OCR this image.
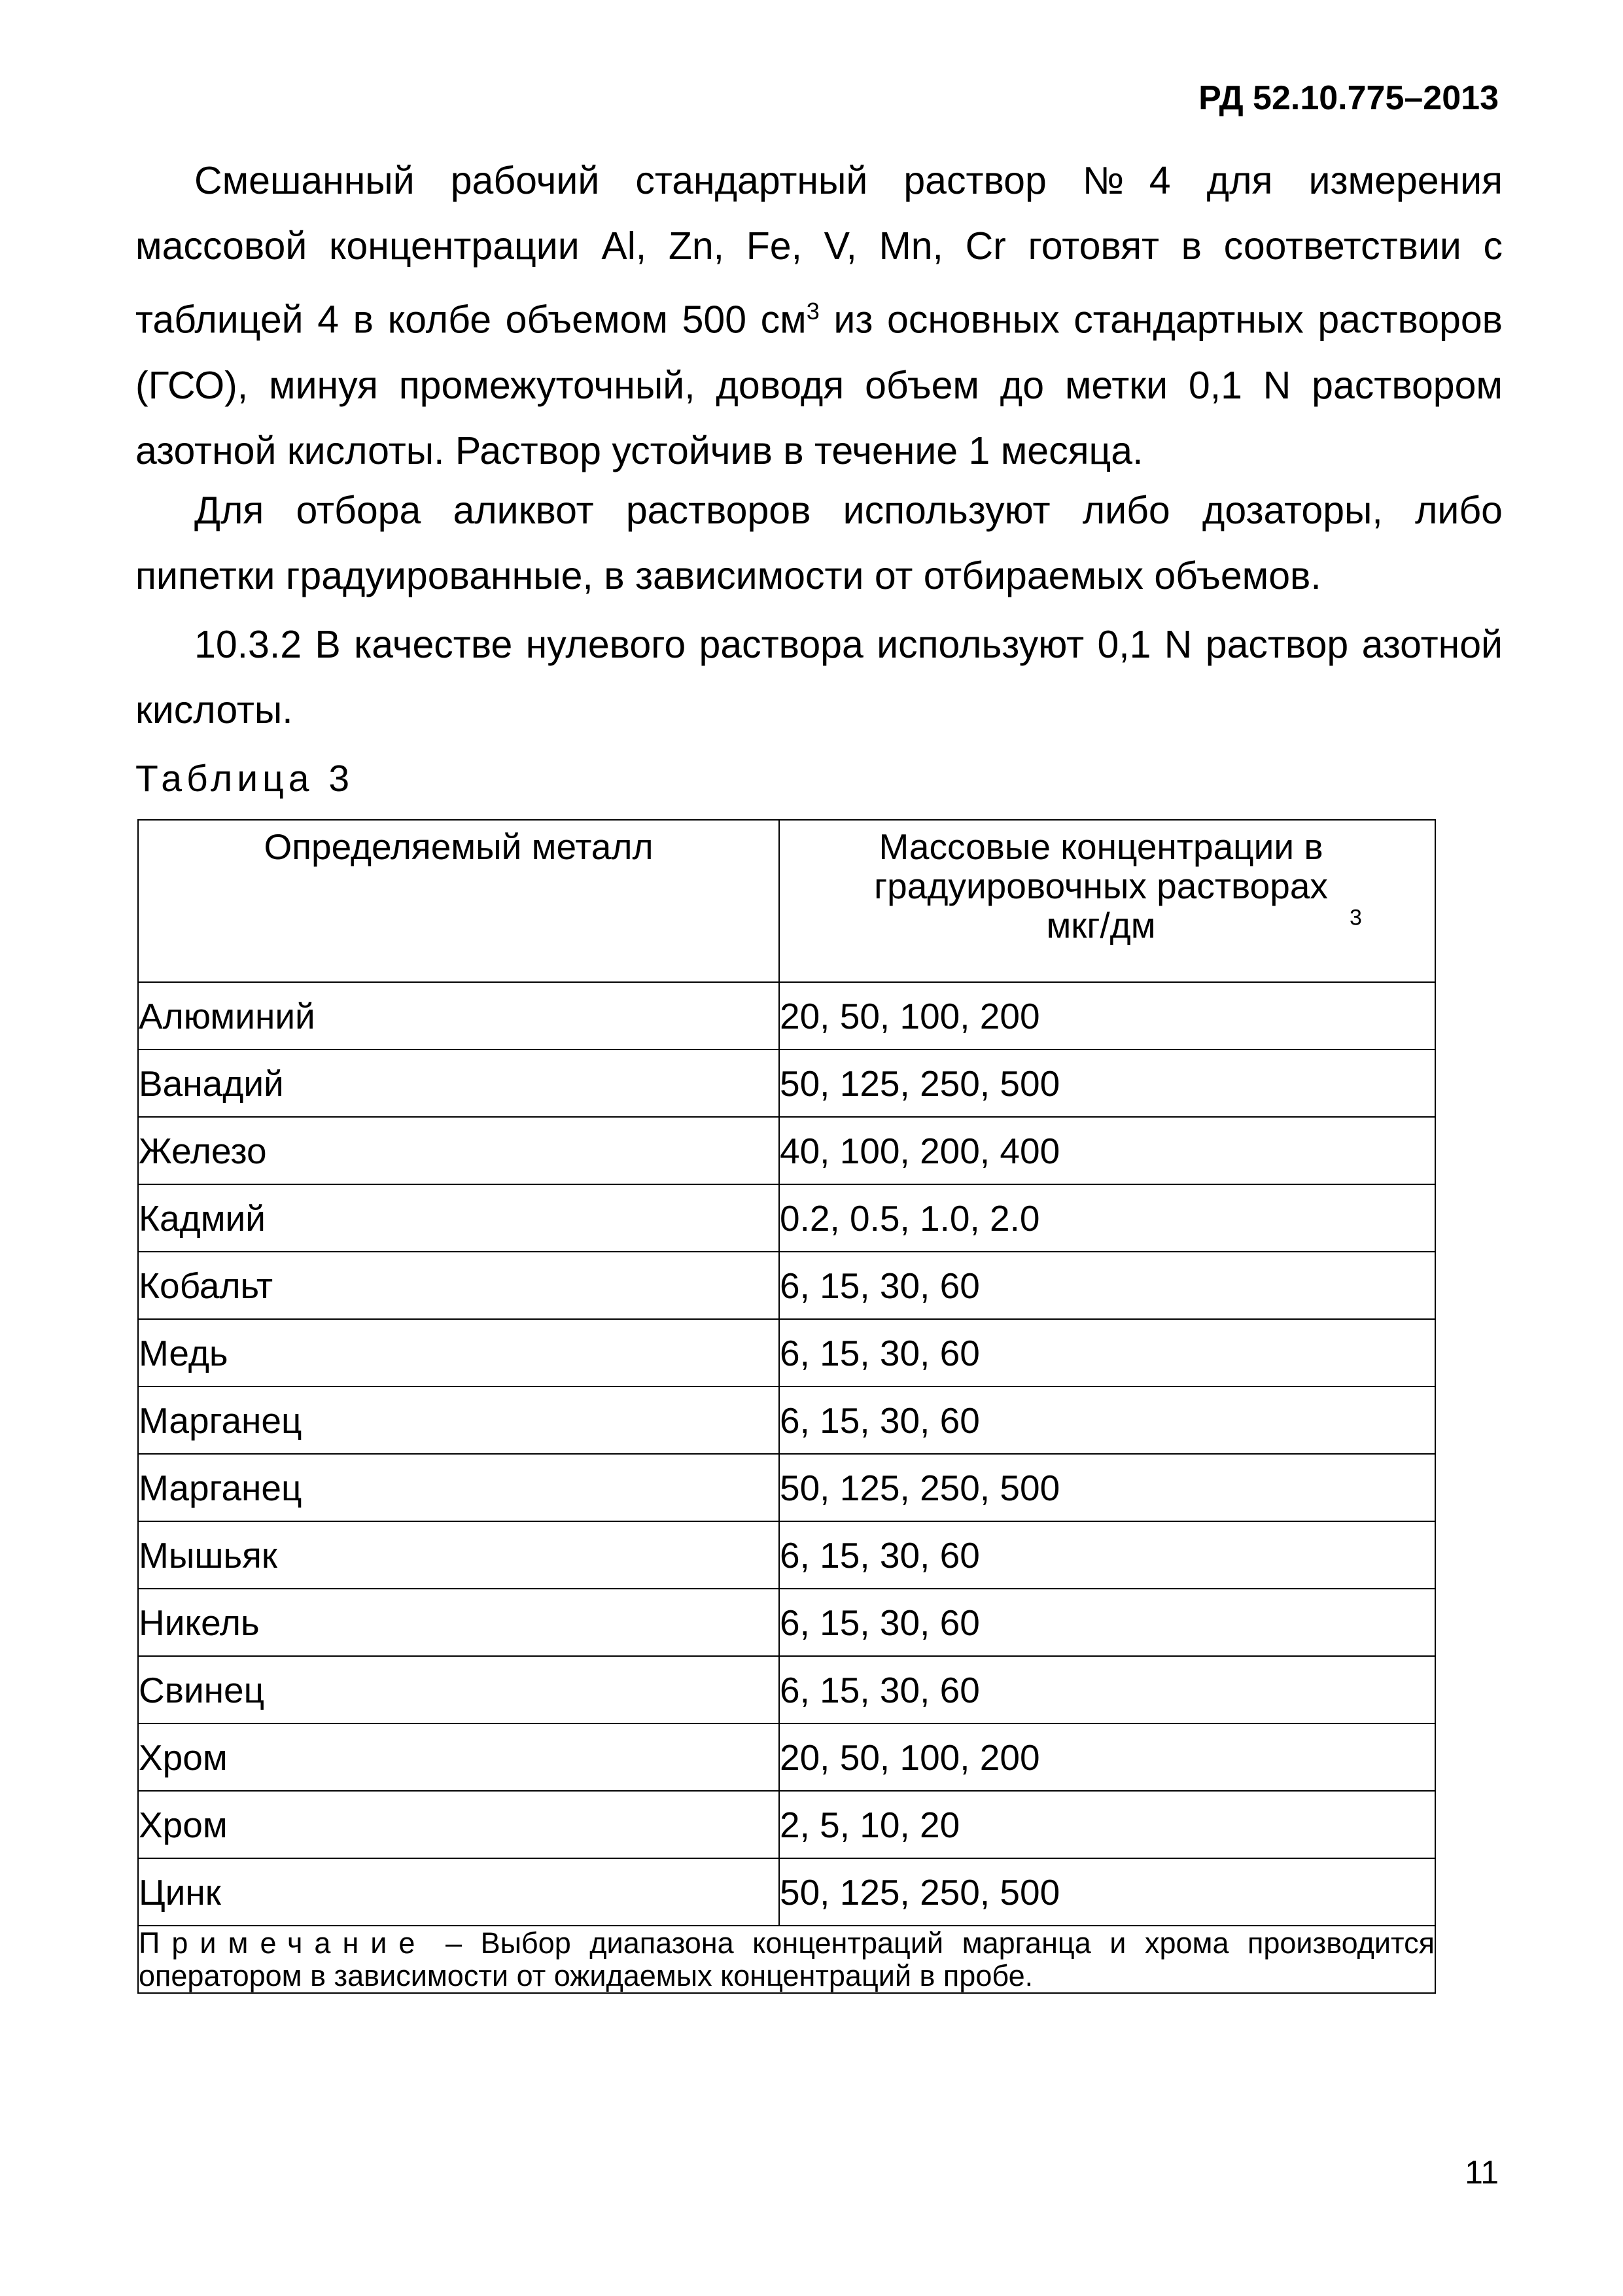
РД 52.10.775–2013
Смешанный рабочий стандартный раствор №4 для измерения массовой концентрации Al, Zn, Fe, V, Mn, Cr готовят в соответствии с таблицей 4 в колбе объемом 500 $см^3$ из основных стандартных растворов (ГСО), минуя промежуточный, доводя объем до метки 0,1 N раствором азотной кислоты. Раствор устойчив в течение 1 месяца.
Для отбора аликвот растворов используют либо дозаторы, либо пипетки градуированные, в зависимости от отбираемых объемов.
10.3.2 В качестве нулевого раствора используют 0,1 N раствор азотной кислоты.
Таблица 3
Определяемый металл	Массовые концентрации в градуировочных растворах мкг/дм $^3$
Алюминий	20, 50, 100, 200
Ванадий	50, 125, 250, 500
Железо	40, 100, 200, 400
Кадмий	0.2, 0.5, 1.0, 2.0
Кобальт	6, 15, 30, 60
Медь	6, 15, 30, 60
Марганец	6, 15, 30, 60
Марганец	50, 125, 250, 500
Мышьяк	6, 15, 30, 60
Никель	6, 15, 30, 60
Свинец	6, 15, 30, 60
Хром	20, 50, 100, 200
Хром	2, 5, 10, 20
Цинк	50, 125, 250, 500
Примечание – Выбор диапазона концентраций марганца и хрома производится оператором в зависимости от ожидаемых концентраций в пробе.	
11
